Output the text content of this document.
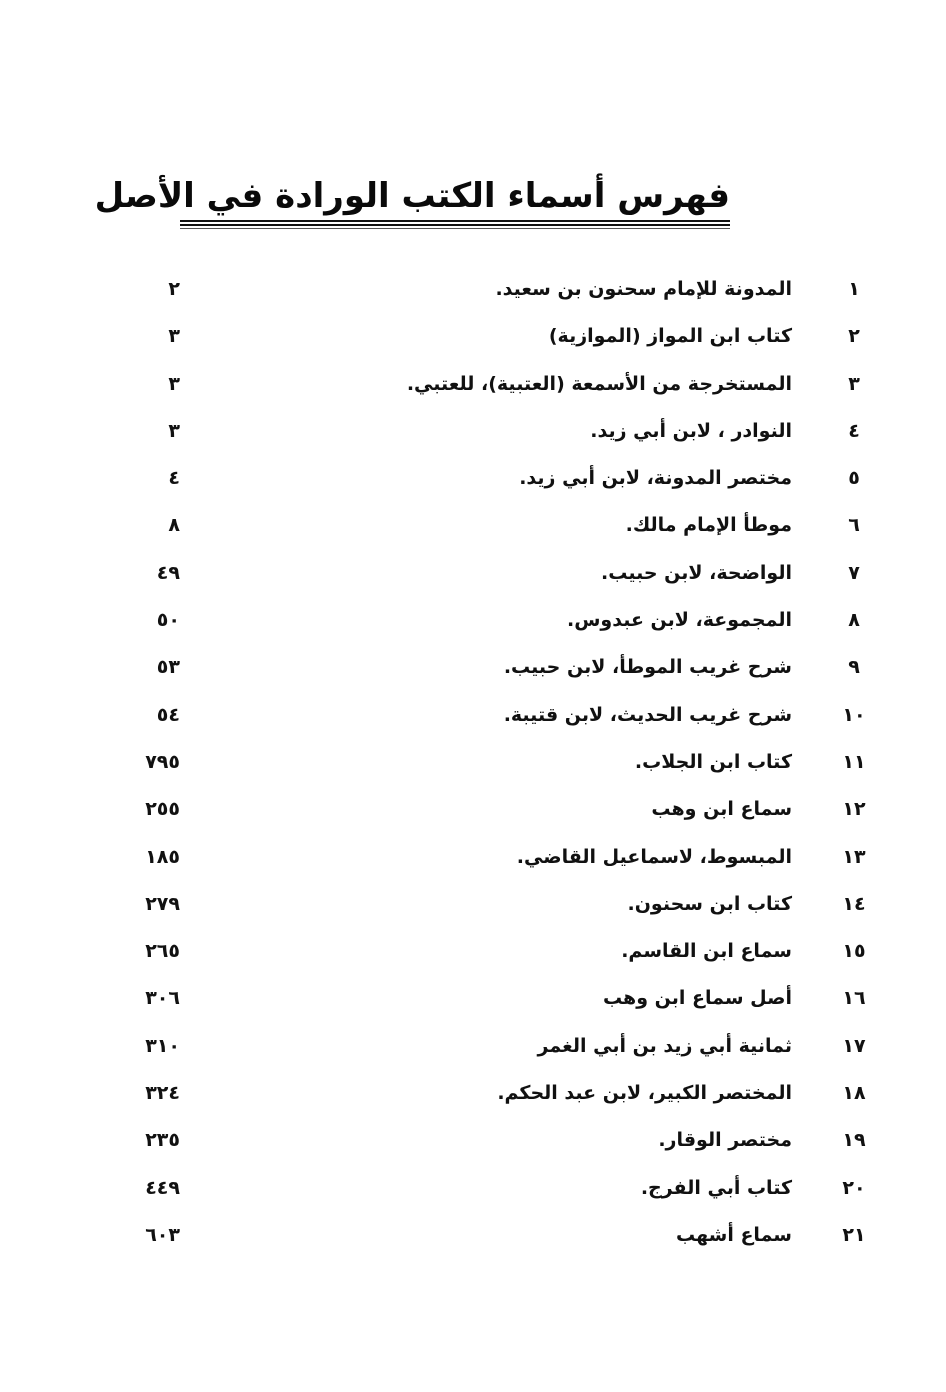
فهرس أسماء الكتب الورادة في الأصل
١
المدونة للإمام سحنون بن سعيد.
٢
٢
كتاب ابن المواز (الموازية)
٣
٣
المستخرجة من الأسمعة (العتبية)، للعتبي.
٣
٤
النوادر ، لابن أبي زيد.
٣
٥
مختصر المدونة، لابن أبي زيد.
٤
٦
موطأ الإمام مالك.
٨
٧
الواضحة، لابن حبيب.
٤٩
٨
المجموعة، لابن عبدوس.
٥٠
٩
شرح غريب الموطأ، لابن حبيب.
٥٣
١٠
شرح غريب الحديث، لابن قتيبة.
٥٤
١١
كتاب ابن الجلاب.
٧٩٥
١٢
سماع ابن وهب
٢٥٥
١٣
المبسوط، لاسماعيل القاضي.
١٨٥
١٤
كتاب ابن سحنون.
٢٧٩
١٥
سماع ابن القاسم.
٢٦٥
١٦
أصل سماع ابن وهب
٣٠٦
١٧
ثمانية أبي زيد بن أبي الغمر
٣١٠
١٨
المختصر الكبير، لابن عبد الحكم.
٣٢٤
١٩
مختصر الوقار.
٢٣٥
٢٠
كتاب أبي الفرج.
٤٤٩
٢١
سماع أشهب
٦٠٣
